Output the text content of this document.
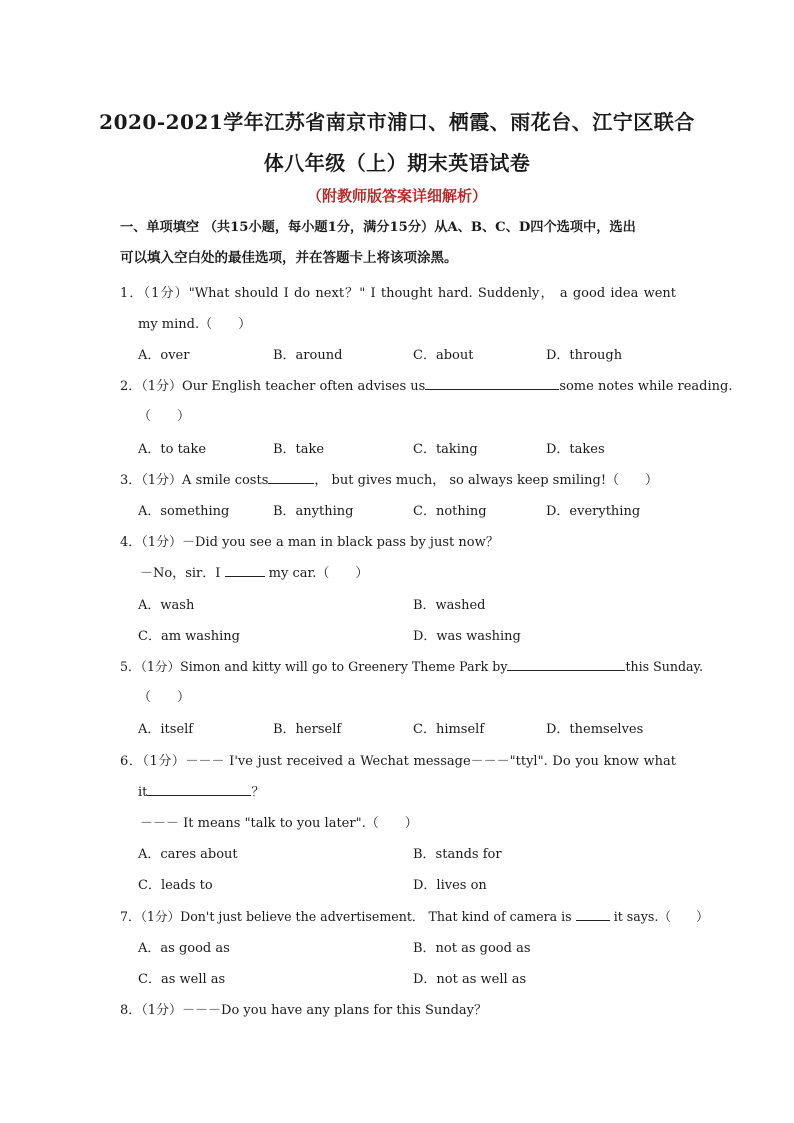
2020-2021学年江苏省南京市浦口、栖霞、雨花台、江宁区联合
体八年级（上）期末英语试卷
（附教师版答案详细解析）
一、单项填空 （共15小题，每小题1分，满分15分）从A、B、C、D四个选项中，选出
可以填入空白处的最佳选项，并在答题卡上将该项涂黑。
1．（1分）"What should I do next？" I thought hard. Suddenly， a good idea went
my mind.（　　）
A．over	B．around	C．about	D．through
2．（1分）Our English teacher often advises us	some notes while reading.
（　　）
A．to take	B．take	C．taking	D．takes
3．（1分）A smile costs	， but gives much， so always keep smiling!（　　）
A．something	B．anything	C．nothing	D．everything
4．（1分）－Did you see a man in black pass by just now？
－No，sir．I	my car.（　　）
A．wash	B．washed
C．am washing	D．was washing
5．（1分）Simon and kitty will go to Greenery Theme Park by	this Sunday.
（　　）
A．itself	B．herself	C．himself	D．themselves
6．（1分）－－－ I've just received a Wechat message－－－"ttyl". Do you know what
it	？
－－－ It means "talk to you later".（　　）
A．cares about	B．stands for
C．leads to	D．lives on
7．（1分）Don't just believe the advertisement． That kind of camera is	it says.（　　）
A．as good as	B．not as good as
C．as well as	D．not as well as
8．（1分）－－－Do you have any plans for this Sunday？
